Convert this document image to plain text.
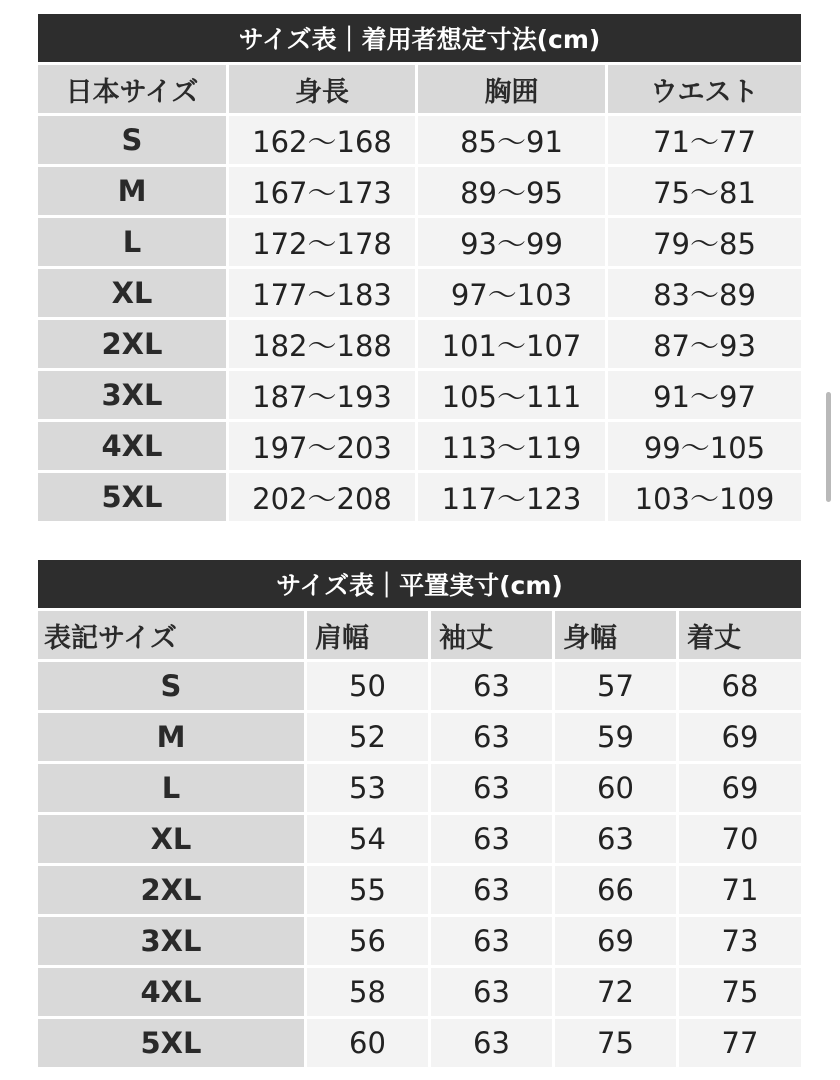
サイズ表｜着用者想定寸法(cm)
日本サイズ	身長	胸囲	ウエスト
S	162〜168	85〜91	71〜77
M	167〜173	89〜95	75〜81
L	172〜178	93〜99	79〜85
XL	177〜183	97〜103	83〜89
2XL	182〜188	101〜107	87〜93
3XL	187〜193	105〜111	91〜97
4XL	197〜203	113〜119	99〜105
5XL	202〜208	117〜123	103〜109
サイズ表｜平置実寸(cm)
表記サイズ	肩幅	袖丈	身幅	着丈
S	50	63	57	68
M	52	63	59	69
L	53	63	60	69
XL	54	63	63	70
2XL	55	63	66	71
3XL	56	63	69	73
4XL	58	63	72	75
5XL	60	63	75	77
